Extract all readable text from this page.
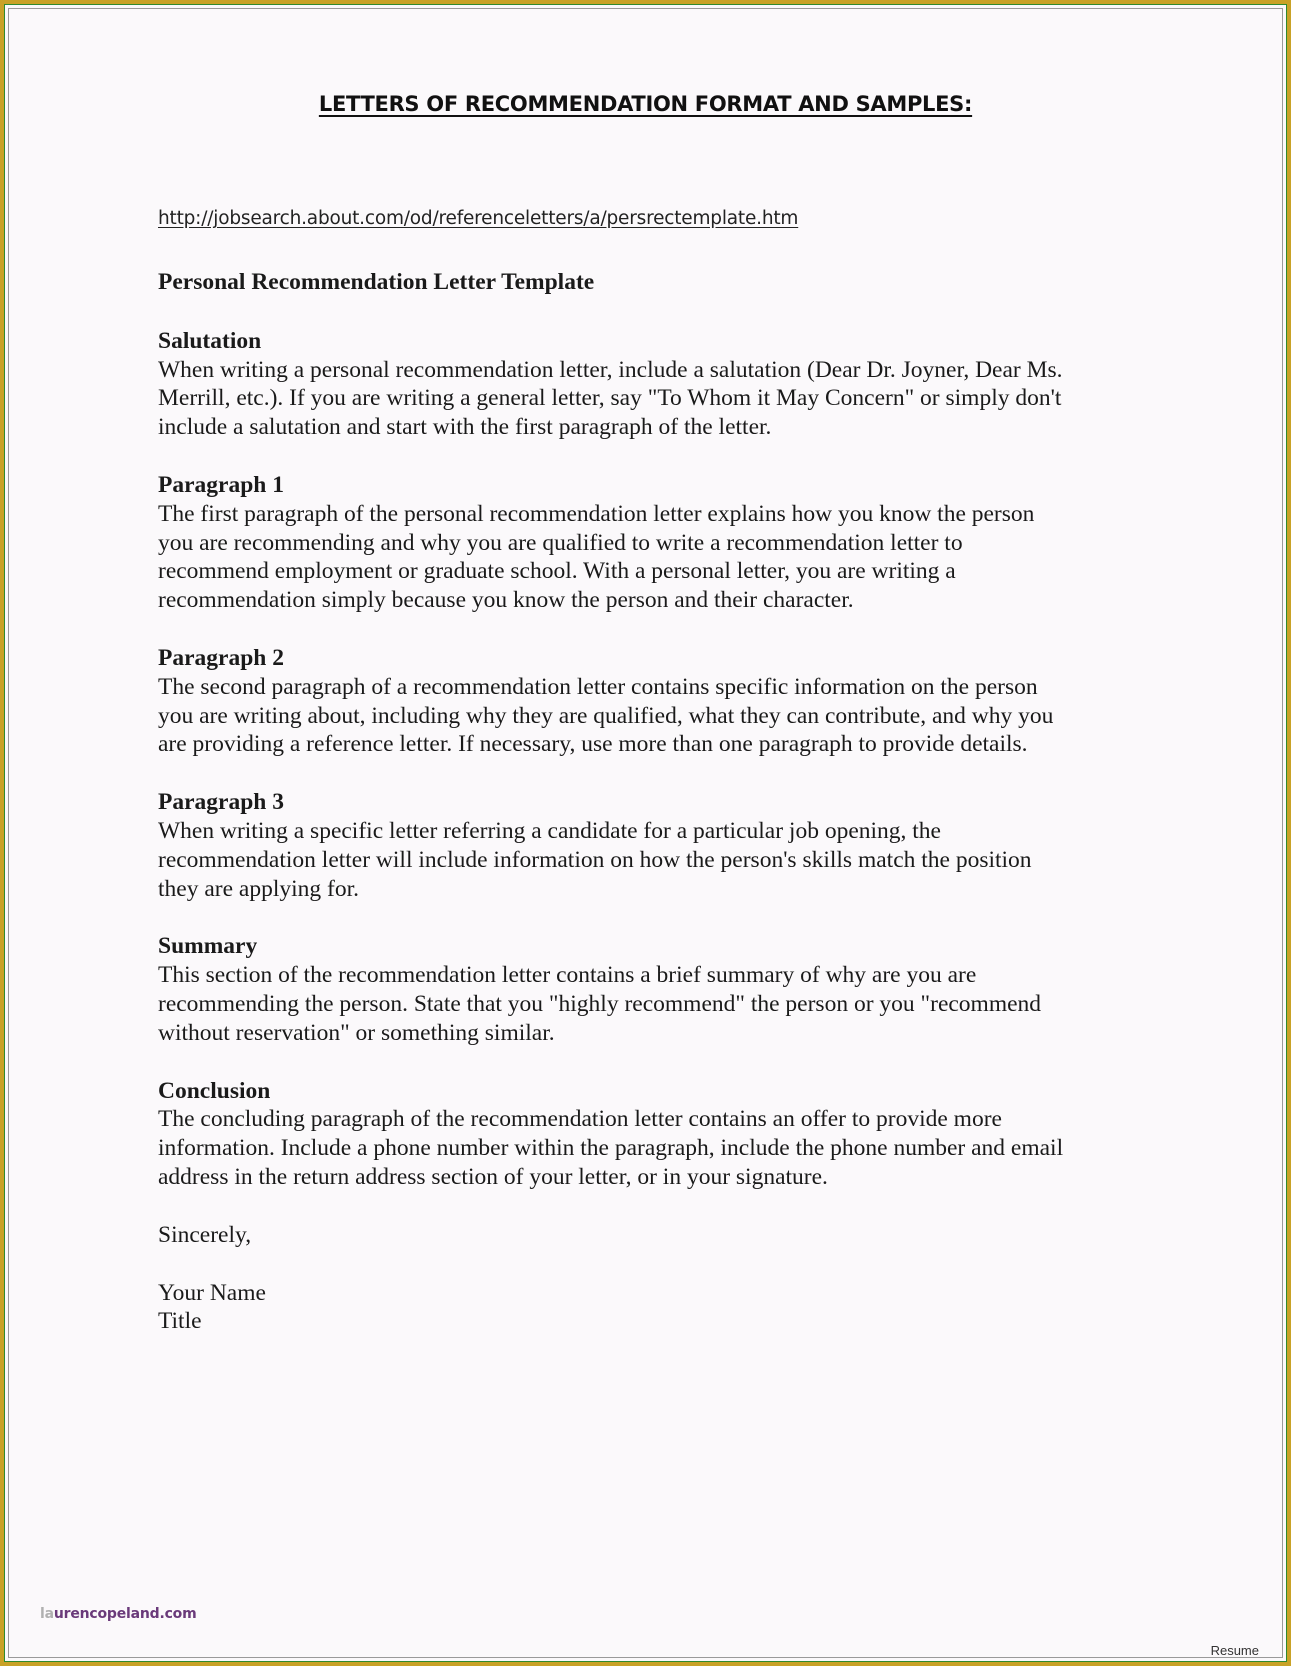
LETTERS OF RECOMMENDATION FORMAT AND SAMPLES:
http://jobsearch.about.com/od/referenceletters/a/persrectemplate.htm
Personal Recommendation Letter Template
Salutation
When writing a personal recommendation letter, include a salutation (Dear Dr. Joyner, Dear Ms.
Merrill, etc.). If you are writing a general letter, say "To Whom it May Concern" or simply don't
include a salutation and start with the first paragraph of the letter.
Paragraph 1
The first paragraph of the personal recommendation letter explains how you know the person
you are recommending and why you are qualified to write a recommendation letter to
recommend employment or graduate school. With a personal letter, you are writing a
recommendation simply because you know the person and their character.
Paragraph 2
The second paragraph of a recommendation letter contains specific information on the person
you are writing about, including why they are qualified, what they can contribute, and why you
are providing a reference letter. If necessary, use more than one paragraph to provide details.
Paragraph 3
When writing a specific letter referring a candidate for a particular job opening, the
recommendation letter will include information on how the person's skills match the position
they are applying for.
Summary
This section of the recommendation letter contains a brief summary of why are you are
recommending the person. State that you "highly recommend" the person or you "recommend
without reservation" or something similar.
Conclusion
The concluding paragraph of the recommendation letter contains an offer to provide more
information. Include a phone number within the paragraph, include the phone number and email
address in the return address section of your letter, or in your signature.
Sincerely,
Your Name
Title
laurencopeland.com
Resume
